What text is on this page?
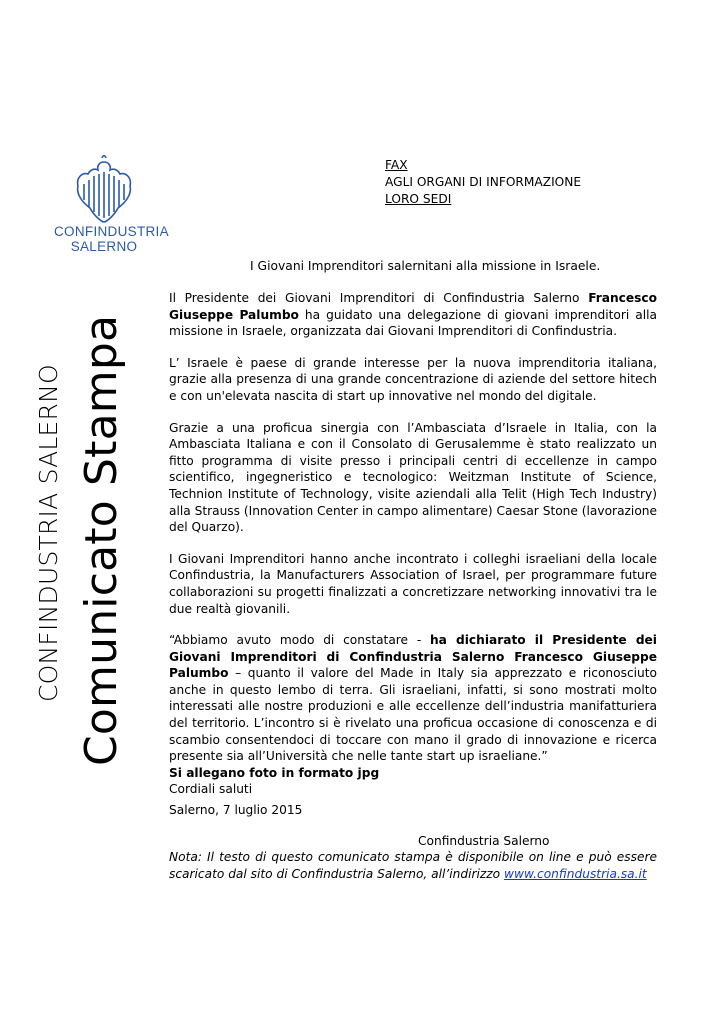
CONFINDUSTRIA
SALERNO
CONFINDUSTRIA SALERNO Comunicato Stampa
FAX
AGLI ORGANI DI INFORMAZIONE
LORO SEDI
I Giovani Imprenditori salernitani alla missione in Israele.

Il Presidente dei Giovani Imprenditori di Confindustria Salerno Francesco Giuseppe Palumbo ha guidato una delegazione di giovani imprenditori alla missione in Israele, organizzata dai Giovani Imprenditori di Confindustria.

L’ Israele è paese di grande interesse per la nuova imprenditoria italiana, grazie alla presenza di una grande concentrazione di aziende del settore hitech e con un'elevata nascita di start up innovative nel mondo del digitale.

Grazie a una proficua sinergia con l’Ambasciata d’Israele in Italia, con la Ambasciata Italiana e con il Consolato di Gerusalemme è stato realizzato un fitto programma di visite presso i principali centri di eccellenze in campo scientifico, ingegneristico e tecnologico: Weitzman Institute of Science, Technion Institute of Technology, visite aziendali alla Telit (High Tech Industry) alla Strauss (Innovation Center in campo alimentare) Caesar Stone (lavorazione del Quarzo).

I Giovani Imprenditori hanno anche incontrato i colleghi israeliani della locale Confindustria, la Manufacturers Association of Israel, per programmare future collaborazioni su progetti finalizzati a concretizzare networking innovativi tra le due realtà giovanili.

“Abbiamo avuto modo di constatare - ha dichiarato il Presidente dei Giovani Imprenditori di Confindustria Salerno Francesco Giuseppe Palumbo – quanto il valore del Made in Italy sia apprezzato e riconosciuto anche in questo lembo di terra. Gli israeliani, infatti, si sono mostrati molto interessati alle nostre produzioni e alle eccellenze dell’industria manifatturiera del territorio. L’incontro si è rivelato una proficua occasione di conoscenza e di scambio consentendoci di toccare con mano il grado di innovazione e ricerca presente sia all’Università che nelle tante start up israeliane.”

Si allegano foto in formato jpg
Cordiali saluti
Salerno, 7 luglio 2015
Confindustria Salerno
Nota: Il testo di questo comunicato stampa è disponibile on line e può essere scaricato dal sito di Confindustria Salerno, all’indirizzo www.confindustria.sa.it
